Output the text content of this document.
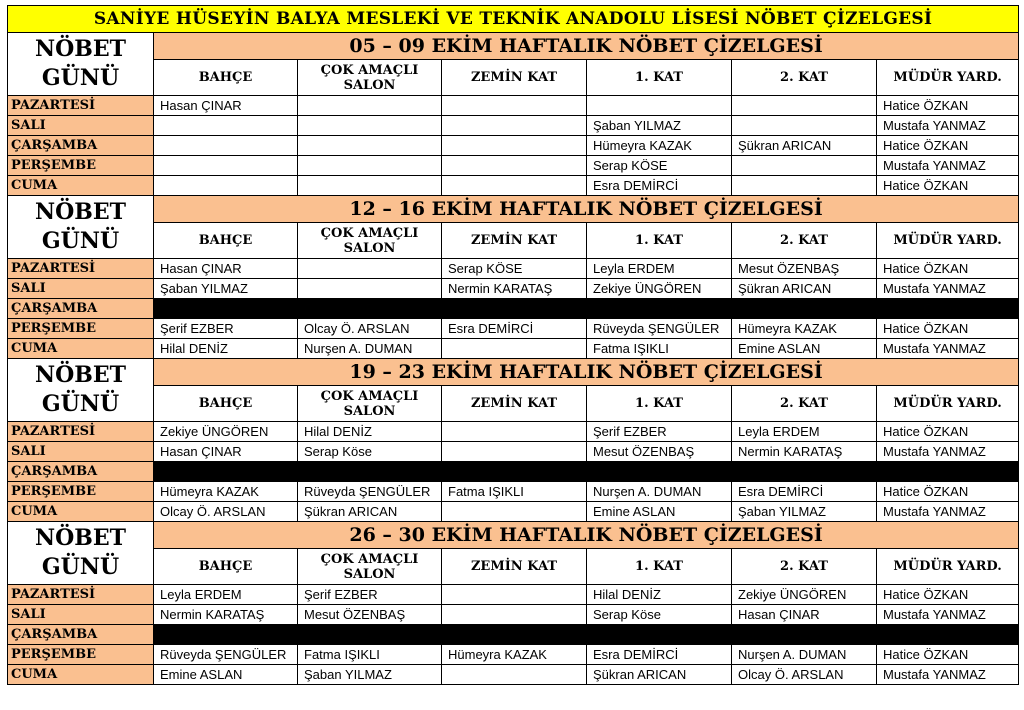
SANİYE HÜSEYİN BALYA MESLEKİ VE TEKNİK ANADOLU LİSESİ NÖBET ÇİZELGESİ						

NÖBET
GÜNÜ	05 – 09 EKİM HAFTALIK NÖBET ÇİZELGESİ					
	BAHÇE	ÇOK AMAÇLI SALON	ZEMİN KAT	1. KAT	2. KAT	MÜDÜR YARD.
PAZARTESİ	Hasan ÇINAR					Hatice ÖZKAN
SALI				Şaban YILMAZ		Mustafa YANMAZ
ÇARŞAMBA				Hümeyra KAZAK	Şükran ARICAN	Hatice ÖZKAN
PERŞEMBE				Serap KÖSE		Mustafa YANMAZ
CUMA				Esra DEMİRCİ		Hatice ÖZKAN

NÖBET
GÜNÜ	12 – 16 EKİM HAFTALIK NÖBET ÇİZELGESİ					
	BAHÇE	ÇOK AMAÇLI SALON	ZEMİN KAT	1. KAT	2. KAT	MÜDÜR YARD.
PAZARTESİ	Hasan ÇINAR		Serap KÖSE	Leyla ERDEM	Mesut ÖZENBAŞ	Hatice ÖZKAN
SALI	Şaban YILMAZ		Nermin KARATAŞ	Zekiye ÜNGÖREN	Şükran ARICAN	Mustafa YANMAZ
ÇARŞAMBA						
PERŞEMBE	Şerif EZBER	Olcay Ö. ARSLAN	Esra DEMİRCİ	Rüveyda ŞENGÜLER	Hümeyra KAZAK	Hatice ÖZKAN
CUMA	Hilal DENİZ	Nurşen A. DUMAN		Fatma IŞIKLI	Emine ASLAN	Mustafa YANMAZ

NÖBET
GÜNÜ	19 – 23 EKİM HAFTALIK NÖBET ÇİZELGESİ					
	BAHÇE	ÇOK AMAÇLI SALON	ZEMİN KAT	1. KAT	2. KAT	MÜDÜR YARD.
PAZARTESİ	Zekiye ÜNGÖREN	Hilal DENİZ		Şerif EZBER	Leyla ERDEM	Hatice ÖZKAN
SALI	Hasan ÇINAR	Serap Köse		Mesut ÖZENBAŞ	Nermin KARATAŞ	Mustafa YANMAZ
ÇARŞAMBA						
PERŞEMBE	Hümeyra KAZAK	Rüveyda ŞENGÜLER	Fatma IŞIKLI	Nurşen A. DUMAN	Esra DEMİRCİ	Hatice ÖZKAN
CUMA	Olcay Ö. ARSLAN	Şükran ARICAN		Emine ASLAN	Şaban YILMAZ	Mustafa YANMAZ

NÖBET
GÜNÜ	26 – 30 EKİM HAFTALIK NÖBET ÇİZELGESİ					
	BAHÇE	ÇOK AMAÇLI SALON	ZEMİN KAT	1. KAT	2. KAT	MÜDÜR YARD.
PAZARTESİ	Leyla ERDEM	Şerif EZBER		Hilal DENİZ	Zekiye ÜNGÖREN	Hatice ÖZKAN
SALI	Nermin KARATAŞ	Mesut ÖZENBAŞ		Serap Köse	Hasan ÇINAR	Mustafa YANMAZ
ÇARŞAMBA						
PERŞEMBE	Rüveyda ŞENGÜLER	Fatma IŞIKLI	Hümeyra KAZAK	Esra DEMİRCİ	Nurşen A. DUMAN	Hatice ÖZKAN
CUMA	Emine ASLAN	Şaban YILMAZ		Şükran ARICAN	Olcay Ö. ARSLAN	Mustafa YANMAZ
